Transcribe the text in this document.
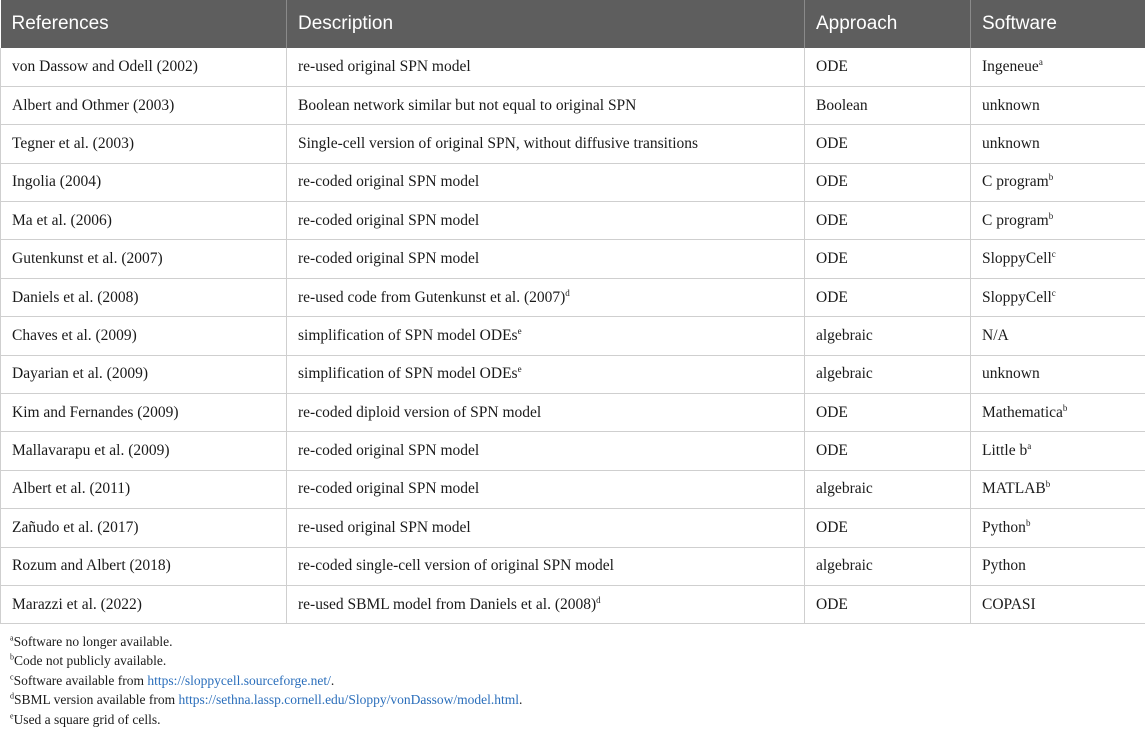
References	Description	Approach	Software
von Dassow and Odell (2002)	re-used original SPN model	ODE	Ingeneue$^a$
Albert and Othmer (2003)	Boolean network similar but not equal to original SPN	Boolean	unknown
Tegner et al. (2003)	Single-cell version of original SPN, without diffusive transitions	ODE	unknown
Ingolia (2004)	re-coded original SPN model	ODE	C program$^b$
Ma et al. (2006)	re-coded original SPN model	ODE	C program$^b$
Gutenkunst et al. (2007)	re-coded original SPN model	ODE	SloppyCell$^c$
Daniels et al. (2008)	re-used code from Gutenkunst et al. $(2007)^d$	ODE	SloppyCell$^c$
Chaves et al. (2009)	simplification of SPN model ODEs$^e$	algebraic	N/A
Dayarian et al. (2009)	simplification of SPN model ODEs$^e$	algebraic	unknown
Kim and Fernandes (2009)	re-coded diploid version of SPN model	ODE	Mathematica$^b$
Mallavarapu et al. (2009)	re-coded original SPN model	ODE	Little $b^a$
Albert et al. (2011)	re-coded original SPN model	algebraic	MATLAB$^b$
Zañudo et al. (2017)	re-used original SPN model	ODE	Python$^b$
Rozum and Albert (2018)	re-coded single-cell version of original SPN model	algebraic	Python
Marazzi et al. (2022)	re-used SBML model from Daniels et al. $(2008)^d$	ODE	COPASI
$^a$Software no longer available.
$^b$Code not publicly available.
$^c$Software available from https://sloppycell.sourceforge.net/.
$^d$SBML version available from https://sethna.lassp.cornell.edu/Sloppy/vonDassow/model.html.
$^e$Used a square grid of cells.
